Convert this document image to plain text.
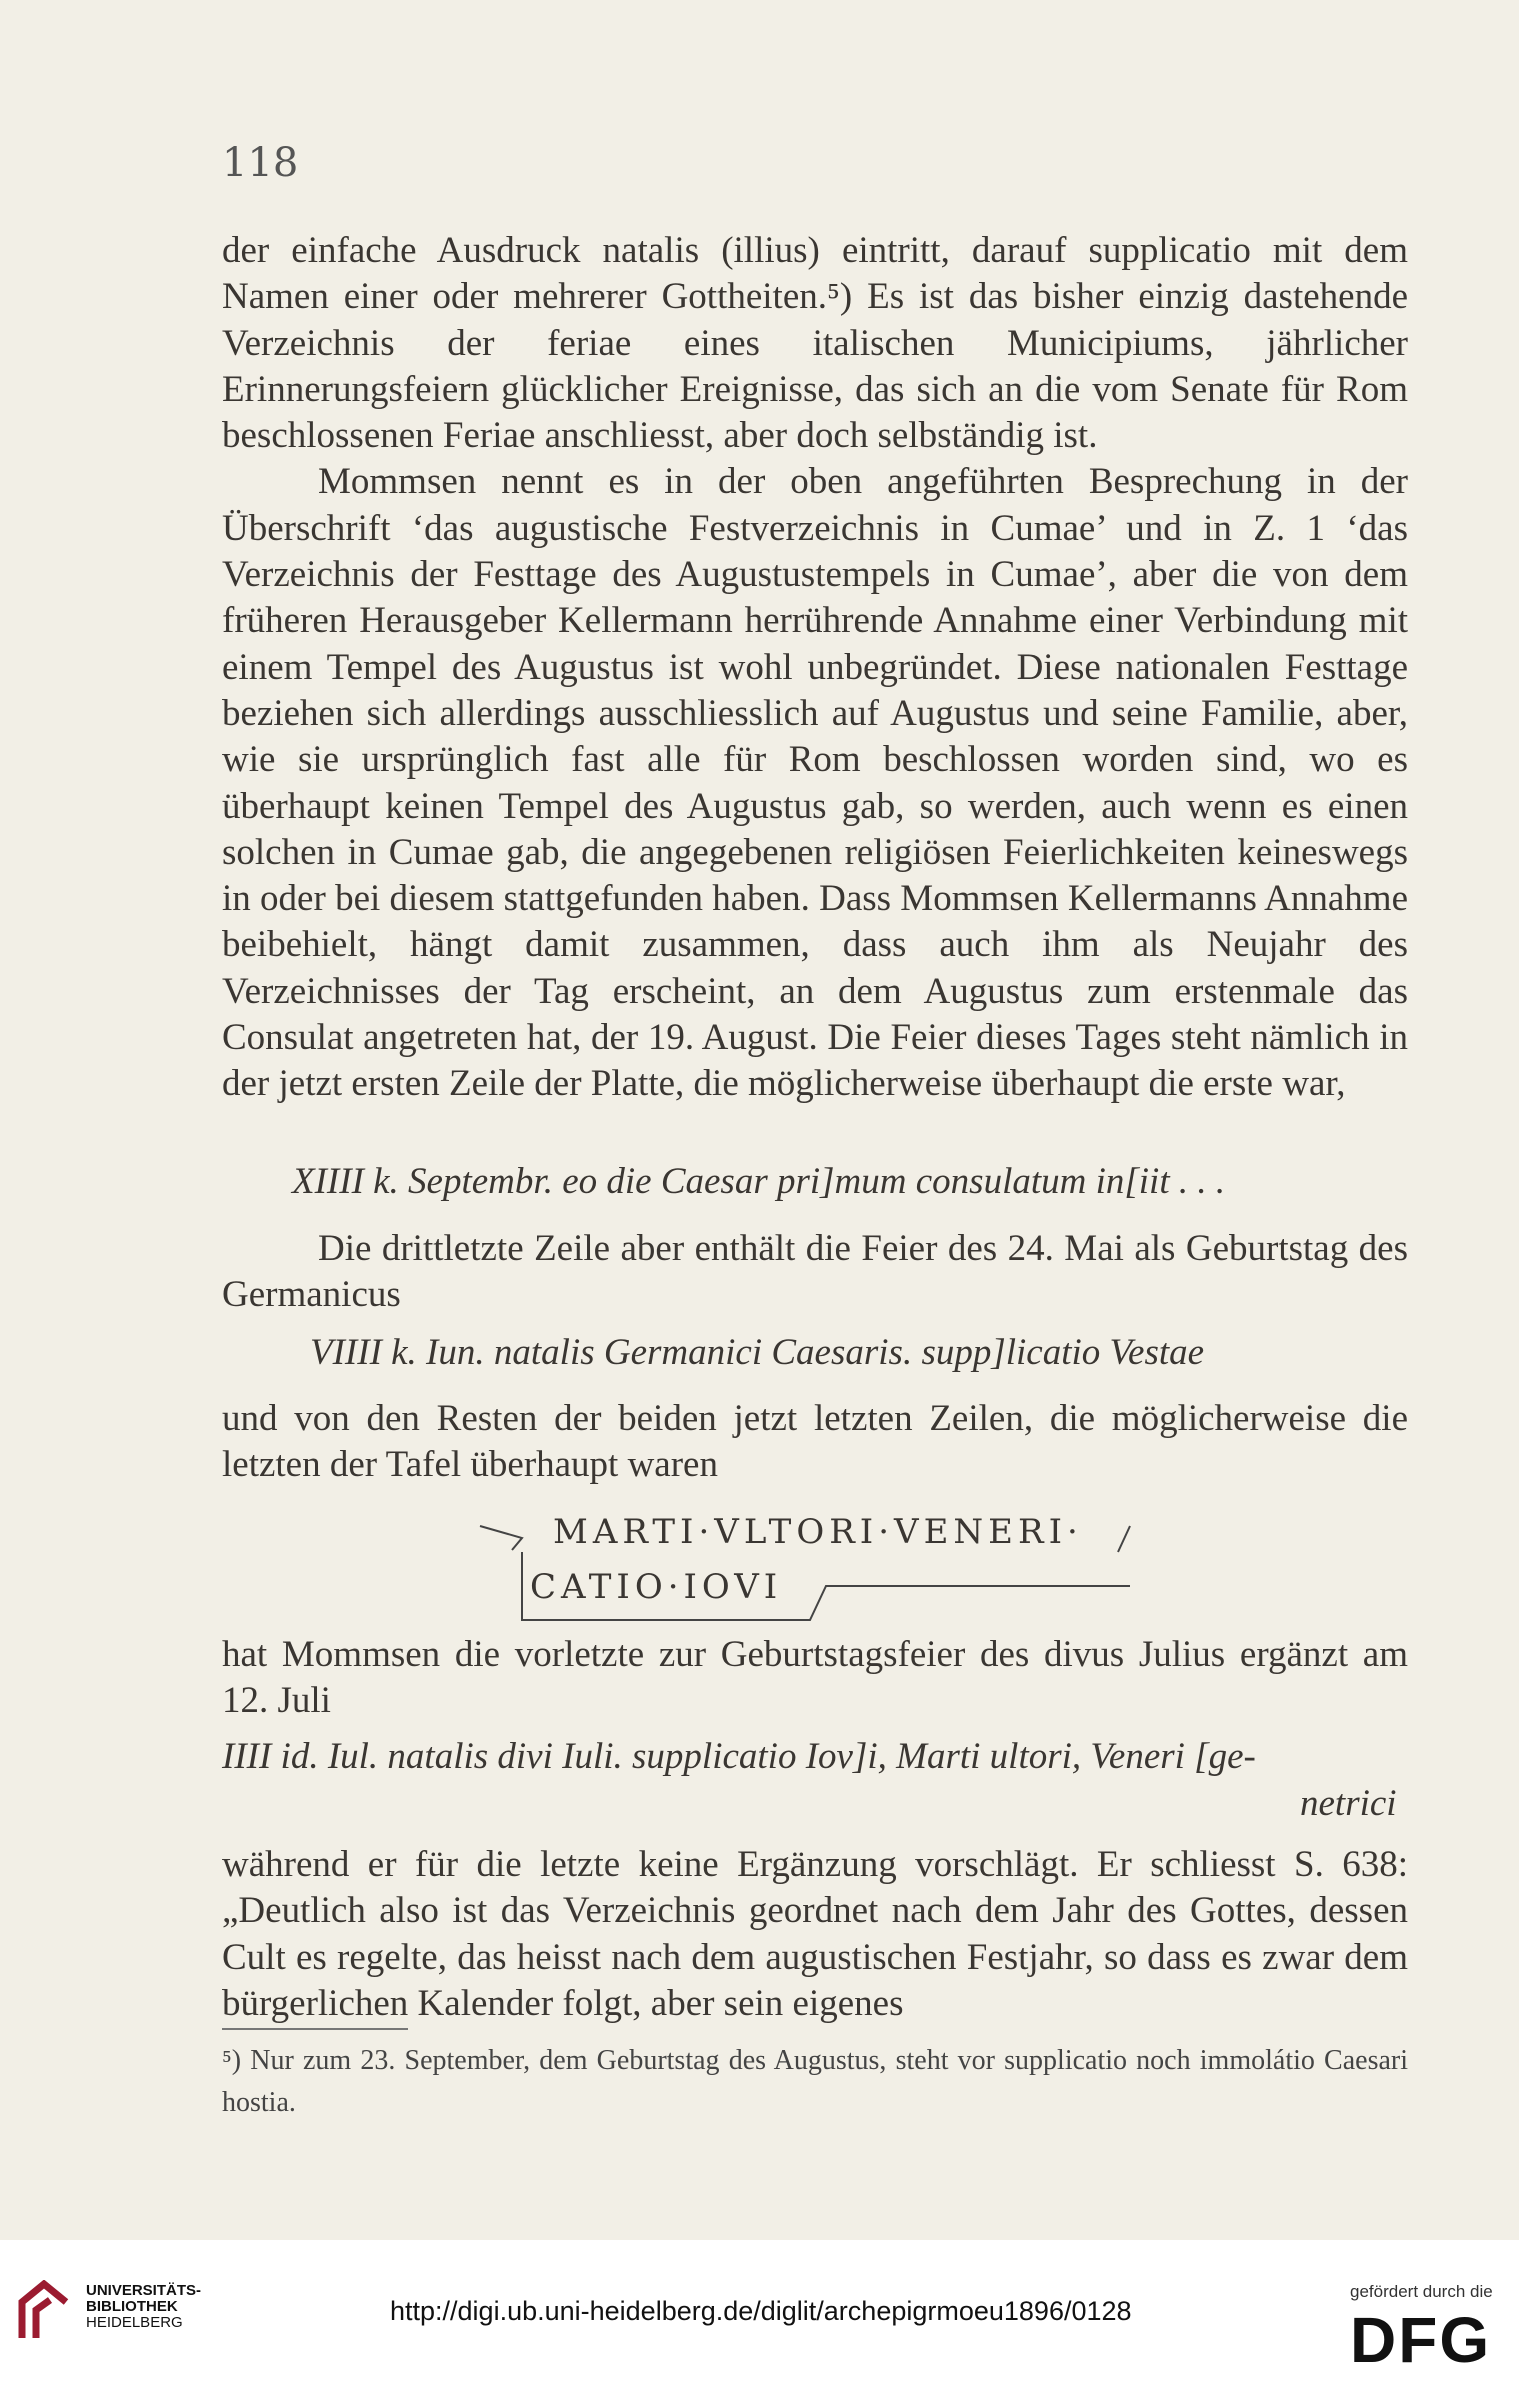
118

der einfache Ausdruck natalis (illius) eintritt, darauf supplicatio mit dem Namen einer oder mehrerer Gottheiten.⁵) Es ist das bisher einzig dastehende Verzeichnis der feriae eines italischen Municipiums, jährlicher Erinnerungsfeiern glücklicher Ereignisse, das sich an die vom Senate für Rom beschlossenen Feriae anschliesst, aber doch selbständig ist.

Mommsen nennt es in der oben angeführten Besprechung in der Überschrift ʻdas augustische Festverzeichnis in Cumae’ und in Z. 1 ʻdas Verzeichnis der Festtage des Augustustempels in Cumae’, aber die von dem früheren Herausgeber Kellermann herrührende Annahme einer Verbindung mit einem Tempel des Augustus ist wohl unbegründet. Diese nationalen Festtage beziehen sich allerdings ausschliesslich auf Augustus und seine Familie, aber, wie sie ursprünglich fast alle für Rom beschlossen worden sind, wo es überhaupt keinen Tempel des Augustus gab, so werden, auch wenn es einen solchen in Cumae gab, die angegebenen religiösen Feierlichkeiten keineswegs in oder bei diesem stattgefunden haben. Dass Mommsen Kellermanns Annahme beibehielt, hängt damit zusammen, dass auch ihm als Neujahr des Verzeichnisses der Tag erscheint, an dem Augustus zum erstenmale das Consulat angetreten hat, der 19. August. Die Feier dieses Tages steht nämlich in der jetzt ersten Zeile der Platte, die möglicherweise überhaupt die erste war,

XIIII k. Septembr. eo die Caesar pri]mum consulatum in[iit . . .

Die drittletzte Zeile aber enthält die Feier des 24. Mai als Geburtstag des Germanicus

VIIII k. Iun. natalis Germanici Caesaris. supp]licatio Vestae

und von den Resten der beiden jetzt letzten Zeilen, die möglicherweise die letzten der Tafel überhaupt waren

MARTI·VLTORI·VENERI·
CATIO·IOVI

hat Mommsen die vorletzte zur Geburtstagsfeier des divus Julius ergänzt am 12. Juli

IIII id. Iul. natalis divi Iuli. supplicatio Iov]i, Marti ultori, Veneri [ge-
netrici

während er für die letzte keine Ergänzung vorschlägt. Er schliesst S. 638: „Deutlich also ist das Verzeichnis geordnet nach dem Jahr des Gottes, dessen Cult es regelte, das heisst nach dem augustischen Festjahr, so dass es zwar dem bürgerlichen Kalender folgt, aber sein eigenes

⁵) Nur zum 23. September, dem Geburtstag des Augustus, steht vor supplicatio noch immolátio Caesari hostia.
UNIVERSITÄTS-
BIBLIOTHEK
HEIDELBERG	http://digi.ub.uni-heidelberg.de/diglit/archepigrmoeu1896/0128
gefördert durch die
DFG
